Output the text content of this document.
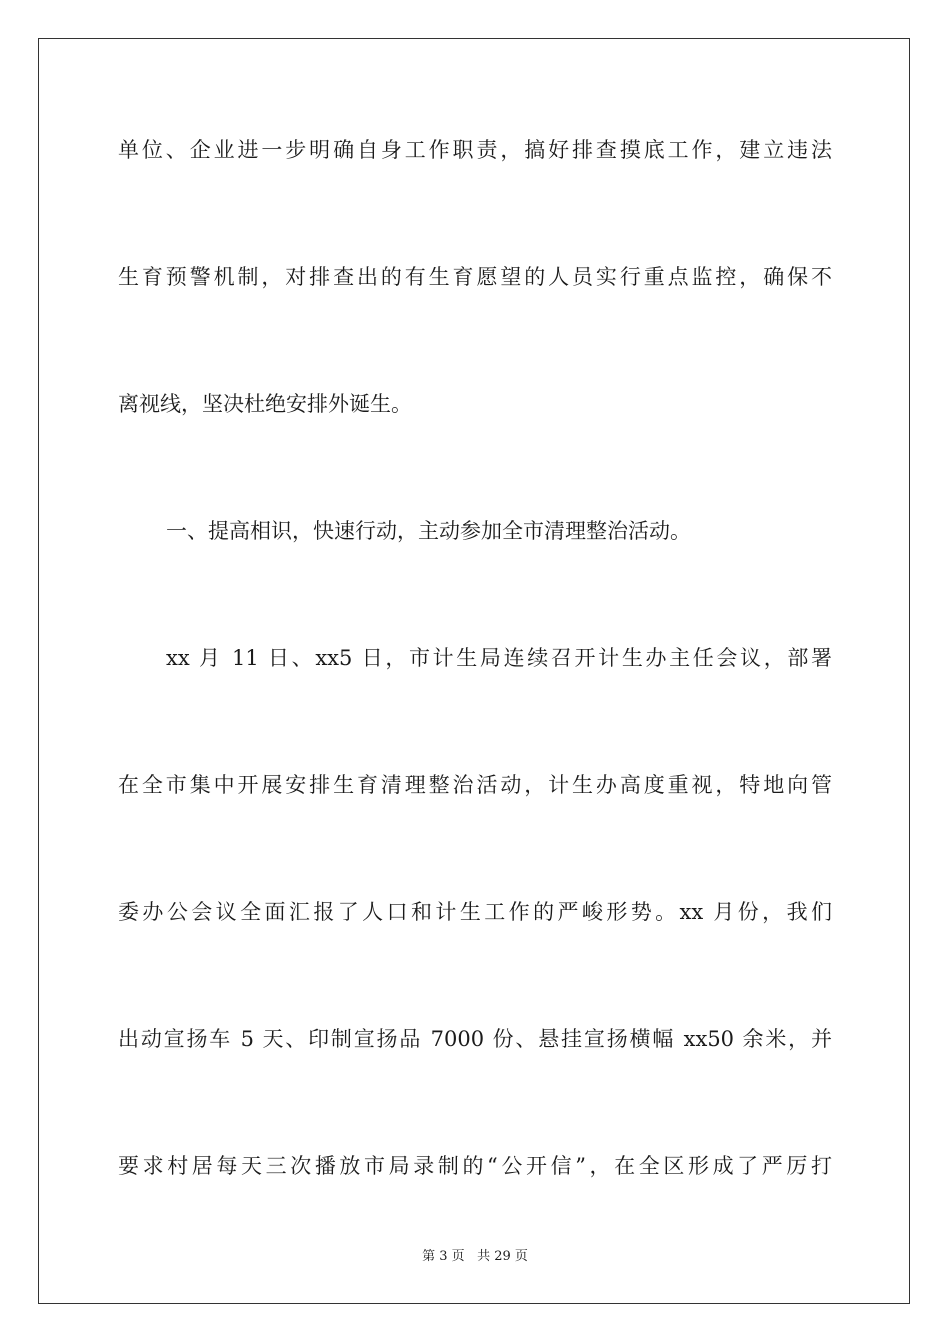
单位、企业进一步明确自身工作职责，搞好排查摸底工作，建立违法
生育预警机制，对排查出的有生育愿望的人员实行重点监控，确保不
离视线，坚决杜绝安排外诞生。
一、提高相识，快速行动，主动参加全市清理整治活动。
xx 月 11 日、xx5 日，市计生局连续召开计生办主任会议，部署
在全市集中开展安排生育清理整治活动，计生办高度重视，特地向管
委办公会议全面汇报了人口和计生工作的严峻形势。xx 月份，我们
出动宣扬车 5 天、印制宣扬品 7000 份、悬挂宣扬横幅 xx50 余米，并
要求村居每天三次播放市局录制的“公开信”，在全区形成了严厉打
第 3 页 共 29 页
